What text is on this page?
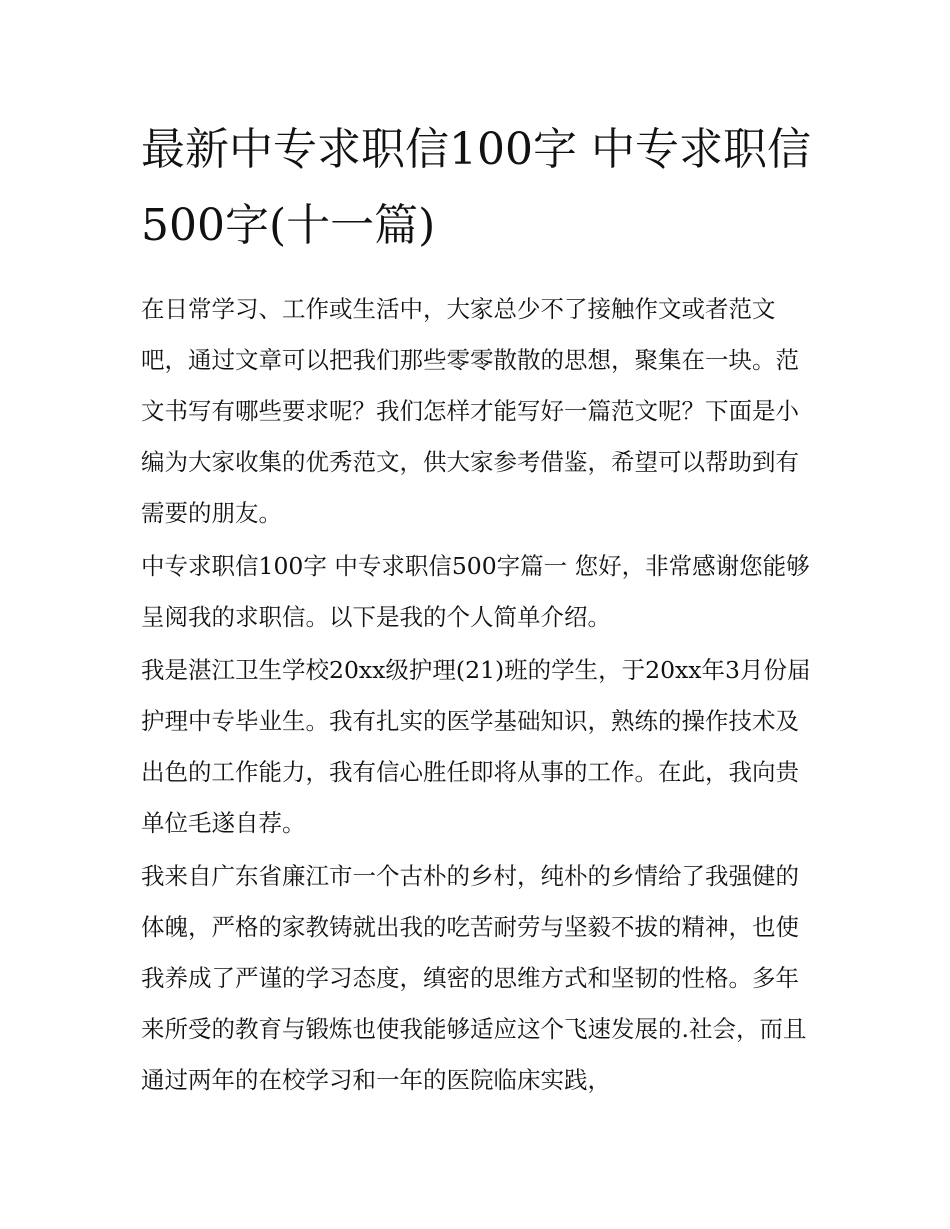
最新中专求职信100字 中专求职信500字(十一篇)

在日常学习、工作或生活中，大家总少不了接触作文或者范文吧，通过文章可以把我们那些零零散散的思想，聚集在一块。范文书写有哪些要求呢？我们怎样才能写好一篇范文呢？下面是小编为大家收集的优秀范文，供大家参考借鉴，希望可以帮助到有需要的朋友。

中专求职信100字 中专求职信500字篇一 您好，非常感谢您能够呈阅我的求职信。以下是我的个人简单介绍。

我是湛江卫生学校20xx级护理(21)班的学生，于20xx年3月份届护理中专毕业生。我有扎实的医学基础知识，熟练的操作技术及出色的工作能力，我有信心胜任即将从事的工作。在此，我向贵单位毛遂自荐。

我来自广东省廉江市一个古朴的乡村，纯朴的乡情给了我强健的体魄，严格的家教铸就出我的吃苦耐劳与坚毅不拔的精神，也使我养成了严谨的学习态度，缜密的思维方式和坚韧的性格。多年来所受的教育与锻炼也使我能够适应这个飞速发展的.社会，而且通过两年的在校学习和一年的医院临床实践，
